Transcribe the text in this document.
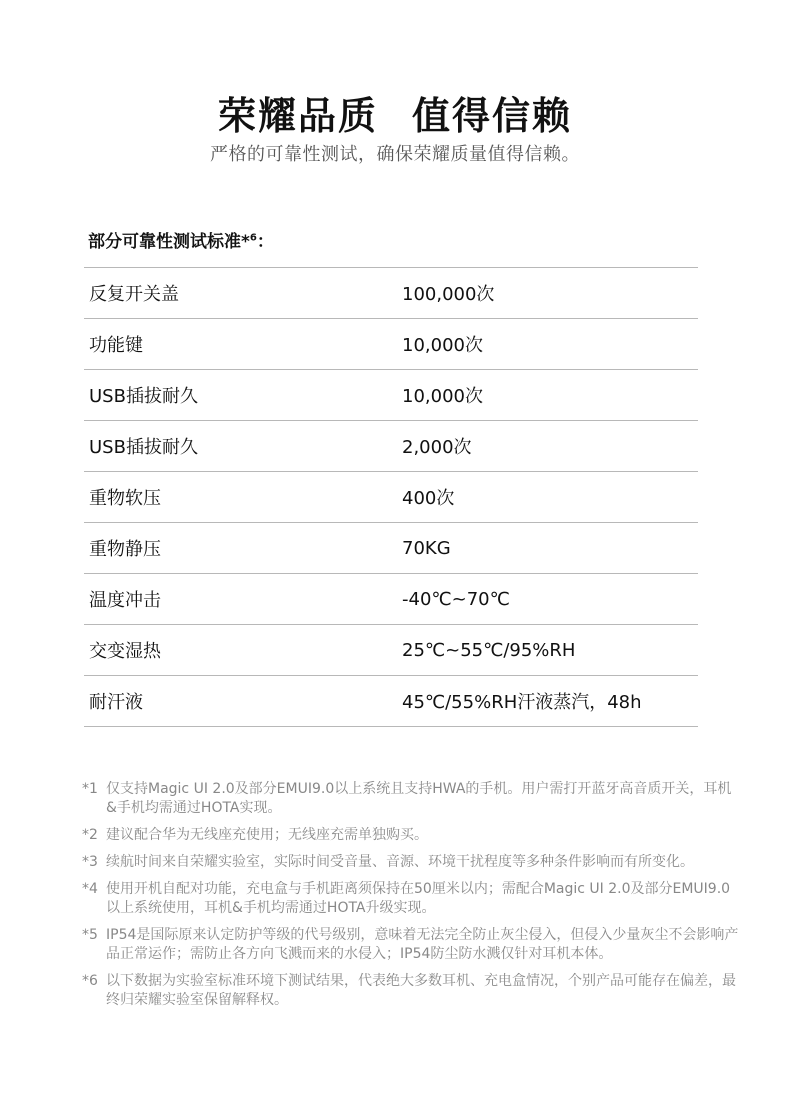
荣耀品质 值得信赖
严格的可靠性测试，确保荣耀质量值得信赖。
部分可靠性测试标准*$^6$：
反复开关盖	100,000次
功能键	10,000次
USB插拔耐久	10,000次
USB插拔耐久	2,000次
重物软压	400次
重物静压	70KG
温度冲击	-40℃~70℃
交变湿热	25℃~55℃/95%RH
耐汗液	45℃/55%RH汗液蒸汽，48h
*1 仅支持Magic UI 2.0及部分EMUI9.0以上系统且支持HWA的手机。用户需打开蓝牙高音质开关，耳机&手机均需通过HOTA实现。
*2 建议配合华为无线座充使用；无线座充需单独购买。
*3 续航时间来自荣耀实验室，实际时间受音量、音源、环境干扰程度等多种条件影响而有所变化。
*4 使用开机自配对功能，充电盒与手机距离须保持在50厘米以内；需配合Magic UI 2.0及部分EMUI9.0以上系统使用，耳机&手机均需通过HOTA升级实现。
*5 IP54是国际原来认定防护等级的代号级别，意味着无法完全防止灰尘侵入，但侵入少量灰尘不会影响产品正常运作；需防止各方向飞溅而来的水侵入；IP54防尘防水溅仅针对耳机本体。
*6 以下数据为实验室标准环境下测试结果，代表绝大多数耳机、充电盒情况，个别产品可能存在偏差，最终归荣耀实验室保留解释权。
